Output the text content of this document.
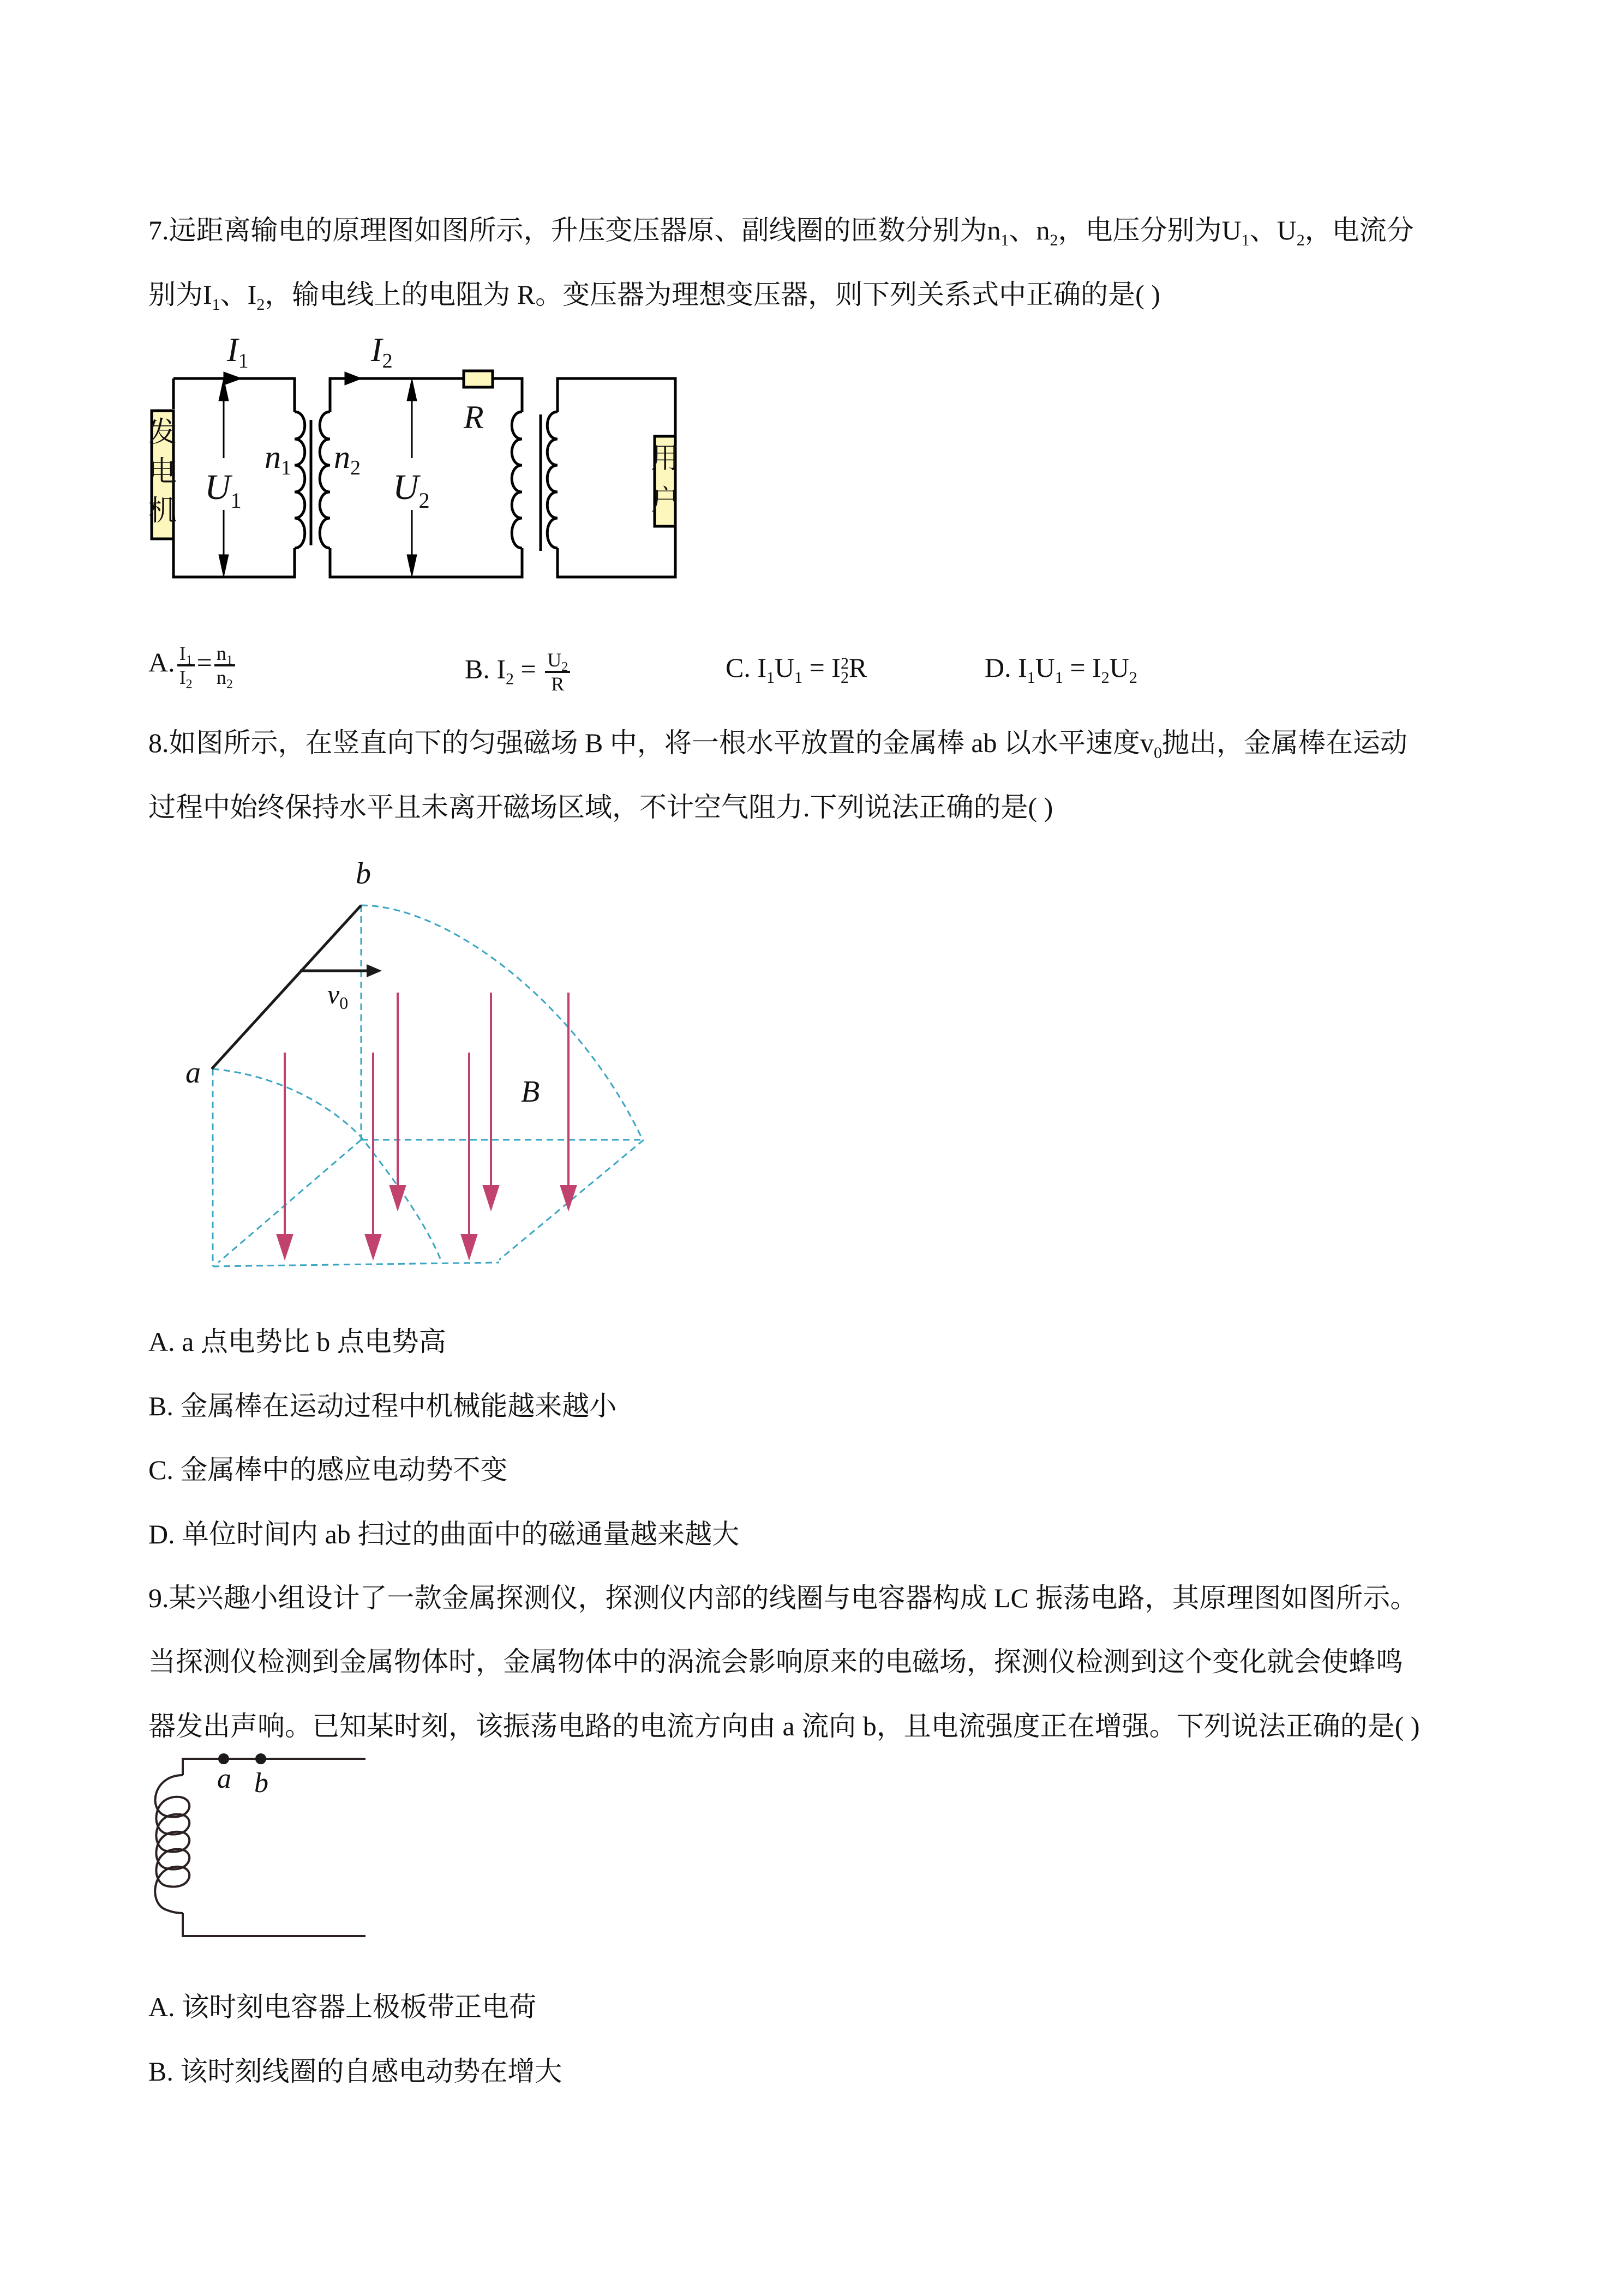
7.远距离输电的原理图如图所示，升压变压器原、副线圈的匝数分别为$n_1$、$n_2$，电压分别为$U_1$、$U_2$，电流分
别为$I_1$、$I_2$，输电线上的电阻为 R。变压器为理想变压器，则下列关系式中正确的是( )
发
电
机
用
户
I1	I2
$U_1$	$U_2$
$n_1$ $n_2$
R
A. $\frac{I_1}{I_2} = \frac{n_1}{n_2}$	B. $I_2 = \frac{U_2}{R}$	C. $I_1U_1 = I$ 2
2 R	D. $I_1U_1 = I_2U_2$
8.如图所示，在竖直向下的匀强磁场 B 中，将一根水平放置的金属棒 ab 以水平速度$v_0$抛出，金属棒在运动
过程中始终保持水平且未离开磁场区域，不计空气阻力.下列说法正确的是( )
a
b
$v_0$
B
A. a 点电势比 b 点电势高
B. 金属棒在运动过程中机械能越来越小
C. 金属棒中的感应电动势不变
D. 单位时间内 ab 扫过的曲面中的磁通量越来越大
9.某兴趣小组设计了一款金属探测仪，探测仪内部的线圈与电容器构成 LC 振荡电路，其原理图如图所示。
当探测仪检测到金属物体时，金属物体中的涡流会影响原来的电磁场，探测仪检测到这个变化就会使蜂鸣
器发出声响。已知某时刻，该振荡电路的电流方向由 a 流向 b，且电流强度正在增强。下列说法正确的是( )
a b
A. 该时刻电容器上极板带正电荷
B. 该时刻线圈的自感电动势在增大
